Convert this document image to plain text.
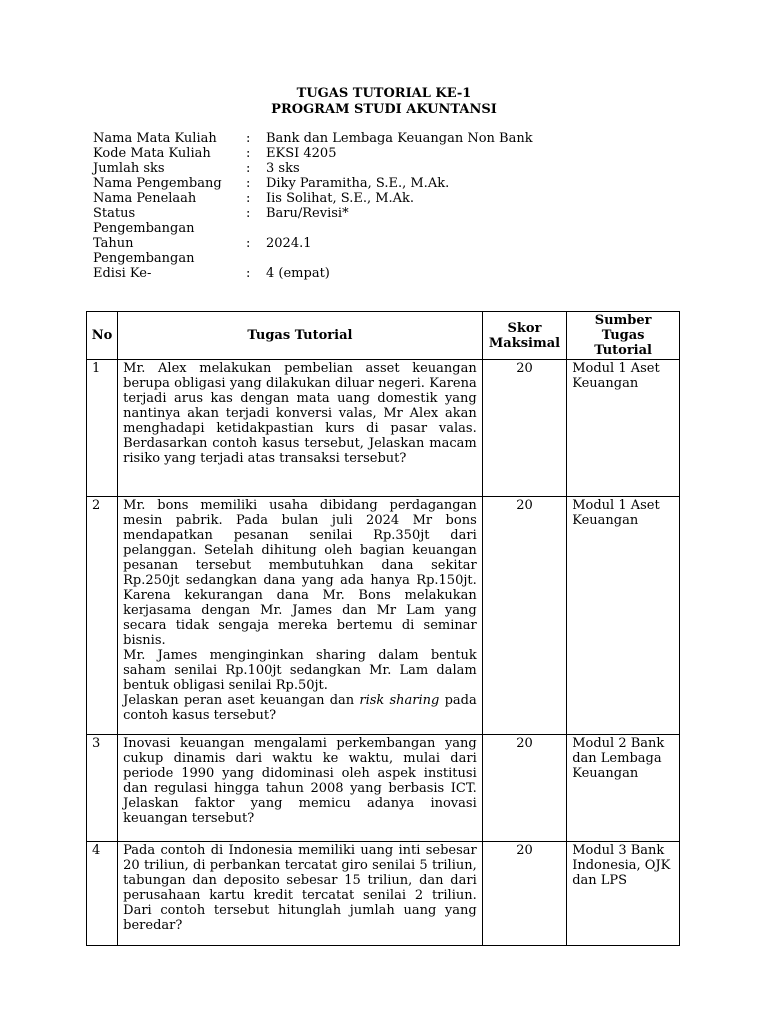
TUGAS TUTORIAL KE-1
PROGRAM STUDI AKUNTANSI
Nama Mata Kuliah	:	Bank dan Lembaga Keuangan Non Bank
Kode Mata Kuliah	:	EKSI 4205
Jumlah sks	:	3 sks
Nama Pengembang	:	Diky Paramitha, S.E., M.Ak.
Nama Penelaah	:	Iis Solihat, S.E., M.Ak.
Status
Pengembangan
:	Baru/Revisi*
Tahun
Pengembangan
:	2024.1
Edisi Ke-	:	4 (empat)
No	Tugas Tutorial	Skor Maksimal	Sumber Tugas Tutorial
1	Mr. Alex melakukan pembelian asset keuangan berupa obligasi yang dilakukan diluar negeri. Karena terjadi arus kas dengan mata uang domestik yang nantinya akan terjadi konversi valas, Mr Alex akan menghadapi ketidakpastian kurs di pasar valas. Berdasarkan contoh kasus tersebut, Jelaskan macam risiko yang terjadi atas transaksi tersebut?	20	Modul 1 Aset Keuangan
2	Mr. bons memiliki usaha dibidang perdagangan mesin pabrik. Pada bulan juli 2024 Mr bons mendapatkan pesanan senilai Rp.350jt dari pelanggan. Setelah dihitung oleh bagian keuangan pesanan tersebut membutuhkan dana sekitar Rp.250jt sedangkan dana yang ada hanya Rp.150jt. Karena kekurangan dana Mr. Bons melakukan kerjasama dengan Mr. James dan Mr Lam yang secara tidak sengaja mereka bertemu di seminar bisnis.
Mr. James menginginkan sharing dalam bentuk saham senilai Rp.100jt sedangkan Mr. Lam dalam bentuk obligasi senilai Rp.50jt.
Jelaskan peran aset keuangan dan risk sharing pada contoh kasus tersebut?	20	Modul 1 Aset Keuangan
3	Inovasi keuangan mengalami perkembangan yang cukup dinamis dari waktu ke waktu, mulai dari periode 1990 yang didominasi oleh aspek institusi dan regulasi hingga tahun 2008 yang berbasis ICT. Jelaskan faktor yang memicu adanya inovasi keuangan tersebut?	20	Modul 2 Bank dan Lembaga Keuangan
4	Pada contoh di Indonesia memiliki uang inti sebesar 20 triliun, di perbankan tercatat giro senilai 5 triliun, tabungan dan deposito sebesar 15 triliun, dan dari perusahaan kartu kredit tercatat senilai 2 triliun. Dari contoh tersebut hitunglah jumlah uang yang beredar?	20	Modul 3 Bank Indonesia, OJK dan LPS
